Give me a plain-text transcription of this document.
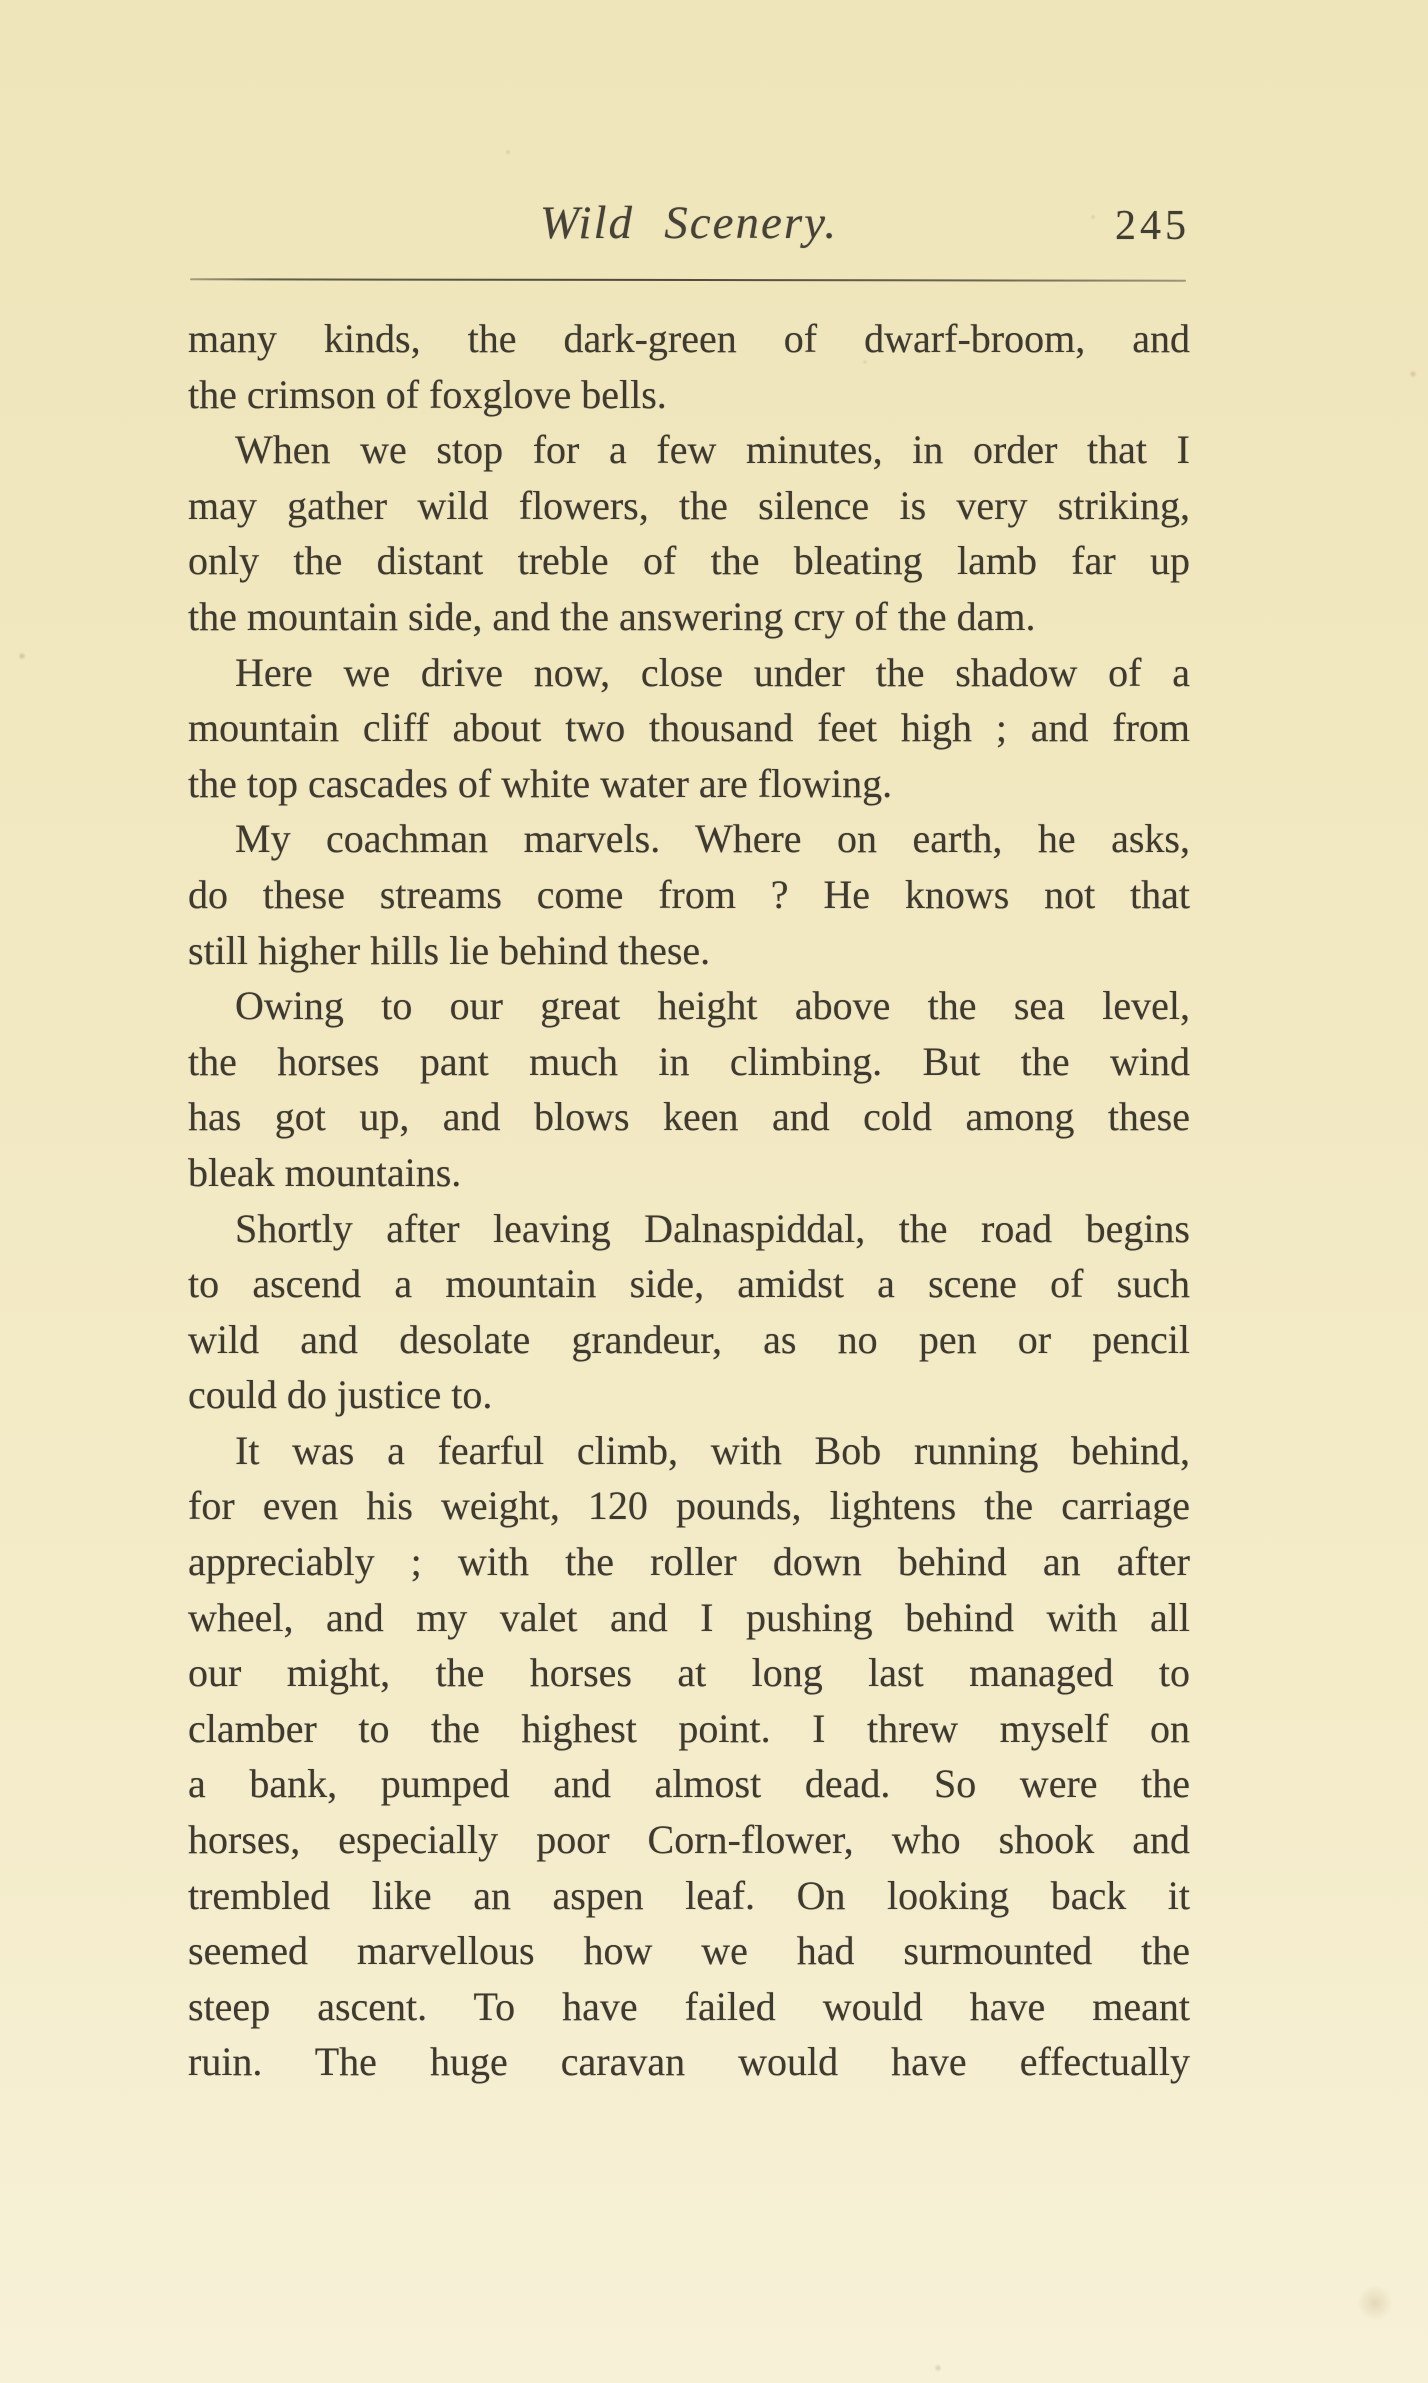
Wild Scenery.	245
many kinds, the dark-green of dwarf-broom, and
the crimson of foxglove bells.
When we stop for a few minutes, in order that I
may gather wild flowers, the silence is very striking,
only the distant treble of the bleating lamb far up
the mountain side, and the answering cry of the dam.
Here we drive now, close under the shadow of a
mountain cliff about two thousand feet high ; and from
the top cascades of white water are flowing.
My coachman marvels. Where on earth, he asks,
do these streams come from ? He knows not that
still higher hills lie behind these.
Owing to our great height above the sea level,
the horses pant much in climbing. But the wind
has got up, and blows keen and cold among these
bleak mountains.
Shortly after leaving Dalnaspiddal, the road begins
to ascend a mountain side, amidst a scene of such
wild and desolate grandeur, as no pen or pencil
could do justice to.
It was a fearful climb, with Bob running behind,
for even his weight, 120 pounds, lightens the carriage
appreciably ; with the roller down behind an after
wheel, and my valet and I pushing behind with all
our might, the horses at long last managed to
clamber to the highest point. I threw myself on
a bank, pumped and almost dead. So were the
horses, especially poor Corn-flower, who shook and
trembled like an aspen leaf. On looking back it
seemed marvellous how we had surmounted the
steep ascent. To have failed would have meant
ruin. The huge caravan would have effectually
